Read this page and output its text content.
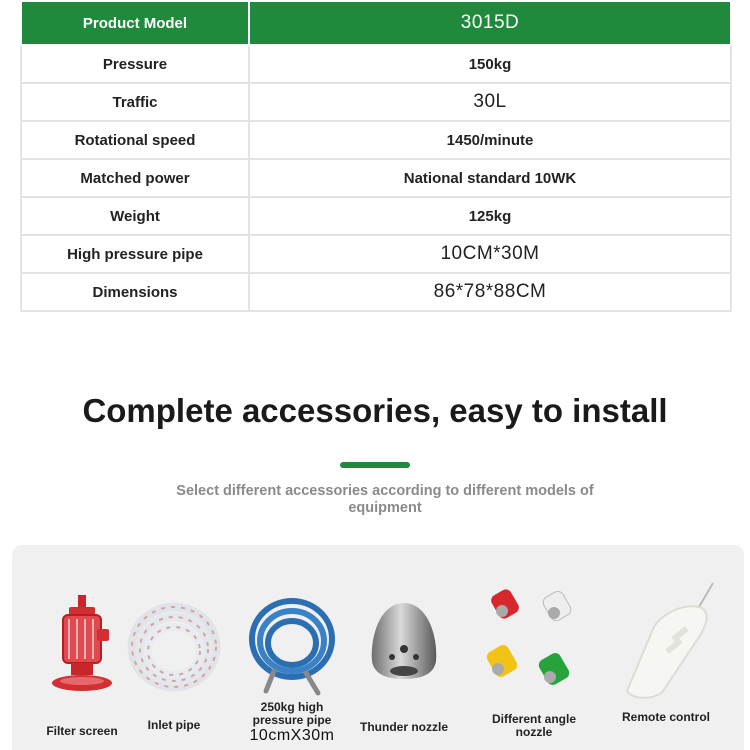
Product Model	3015D
Pressure	150kg
Traffic	30L
Rotational speed	1450/minute
Matched power	National standard 10WK
Weight	125kg
High pressure pipe	10CM*30M
Dimensions	86*78*88CM
Complete accessories, easy to install
Select different accessories according to different models of equipment
Filter screen	Inlet pipe
250kg high pressure pipe
10cmX30m	Thunder nozzle
Different angle nozzle
Remote control
